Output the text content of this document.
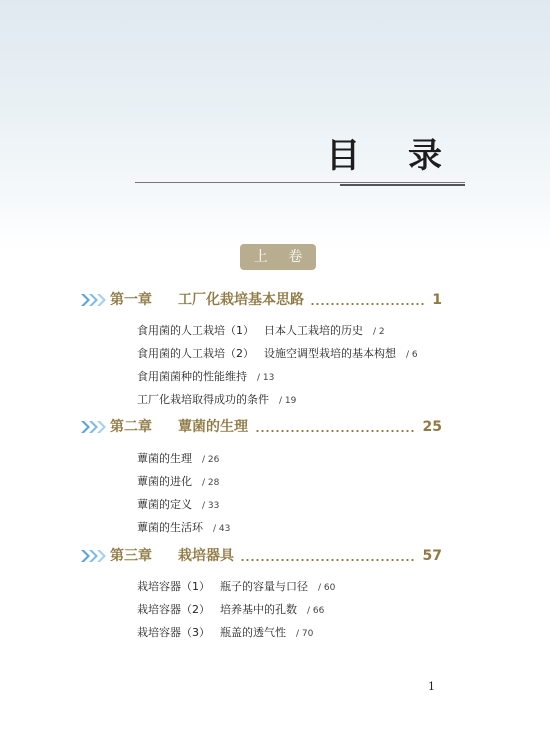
目 录
上 卷
第一章 工厂化栽培基本思路	1
食用菌的人工栽培（1） 日本人工栽培的历史 / 2
食用菌的人工栽培（2） 设施空调型栽培的基本构想 / 6
食用菌菌种的性能维持 / 13
工厂化栽培取得成功的条件 / 19
第二章 蕈菌的生理	25
蕈菌的生理 / 26
蕈菌的进化 / 28
蕈菌的定义 / 33
蕈菌的生活环 / 43
第三章 栽培器具	57
栽培容器（1） 瓶子的容量与口径 / 60
栽培容器（2） 培养基中的孔数 / 66
栽培容器（3） 瓶盖的透气性 / 70
1
